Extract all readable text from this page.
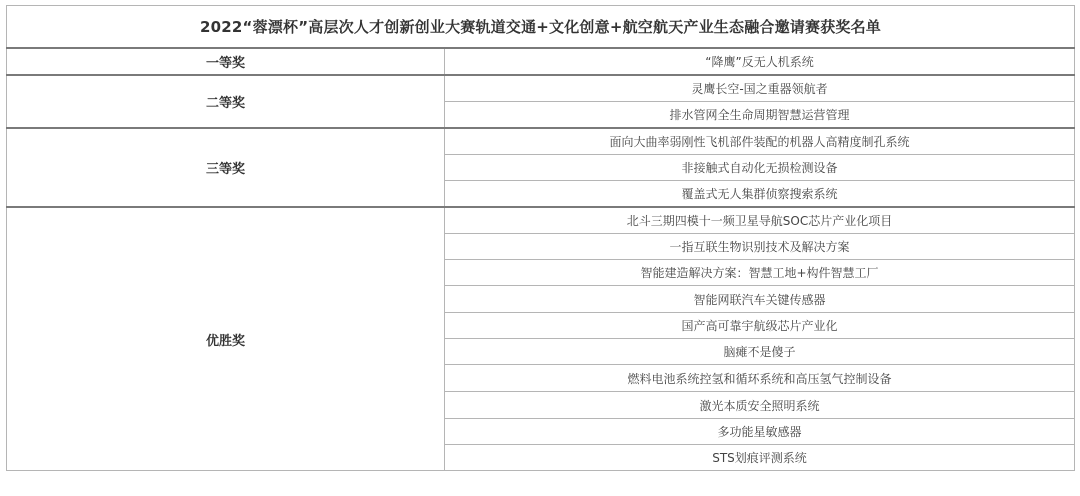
2022“蓉漂杯”高层次人才创新创业大赛轨道交通+文化创意+航空航天产业生态融合邀请赛获奖名单	
一等奖	“降鹰”反无人机系统
二等奖	灵鹰长空-国之重器领航者
	排水管网全生命周期智慧运营管理
三等奖	面向大曲率弱刚性飞机部件装配的机器人高精度制孔系统
	非接触式自动化无损检测设备
	覆盖式无人集群侦察搜索系统
优胜奖	北斗三期四模十一频卫星导航SOC芯片产业化项目
	一指互联生物识别技术及解决方案
	智能建造解决方案：智慧工地+构件智慧工厂
	智能网联汽车关键传感器
	国产高可靠宇航级芯片产业化
	脑瘫不是傻子
	燃料电池系统控氢和循环系统和高压氢气控制设备
	激光本质安全照明系统
	多功能星敏感器
	STS划痕评测系统
